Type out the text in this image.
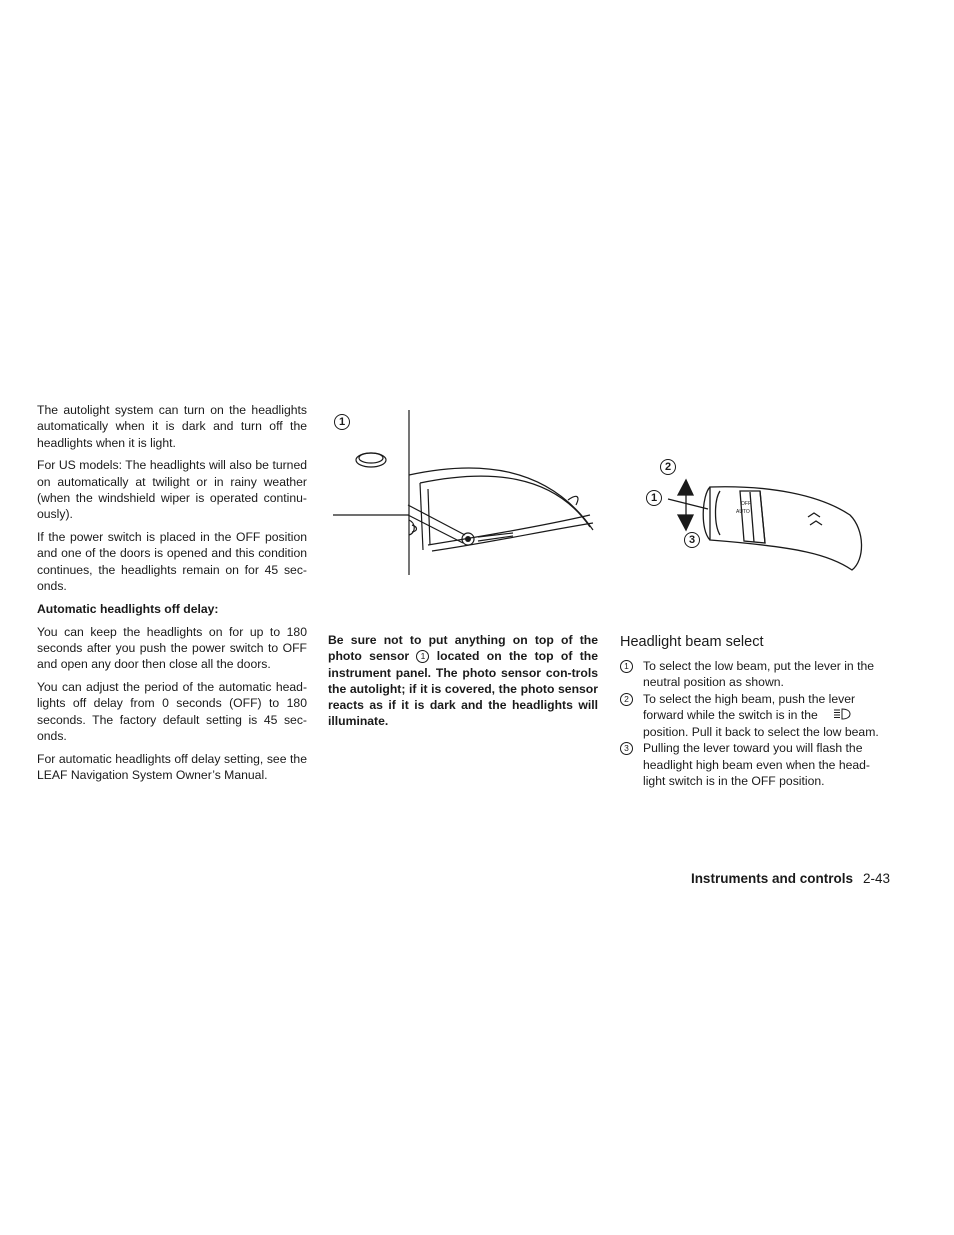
The autolight system can turn on the headlights automatically when it is dark and turn off the headlights when it is light.

For US models: The headlights will also be turned on automatically at twilight or in rainy weather (when the windshield wiper is operated continu-ously).

If the power switch is placed in the OFF position and one of the doors is opened and this condition continues, the headlights remain on for 45 sec-onds.

Automatic headlights off delay:

You can keep the headlights on for up to 180 seconds after you push the power switch to OFF and open any door then close all the doors.

You can adjust the period of the automatic head-lights off delay from 0 seconds (OFF) to 180 seconds. The factory default setting is 45 sec-onds.

For automatic headlights off delay setting, see the LEAF Navigation System Owner’s Manual.

1
OFF
AUTO
2
1
3

Be sure not to put anything on top of the photo sensor 1 located on the top of the instrument panel. The photo sensor con-trols the autolight; if it is covered, the photo sensor reacts as if it is dark and the headlights will illuminate.

Headlight beam select
1	To select the low beam, put the lever in the neutral position as shown.
2	To select the high beam, push the lever forward while the switch is in the  position. Pull it back to select the low beam.
3	Pulling the lever toward you will flash the headlight high beam even when the head-light switch is in the OFF position.
Instruments and controls 2-43
